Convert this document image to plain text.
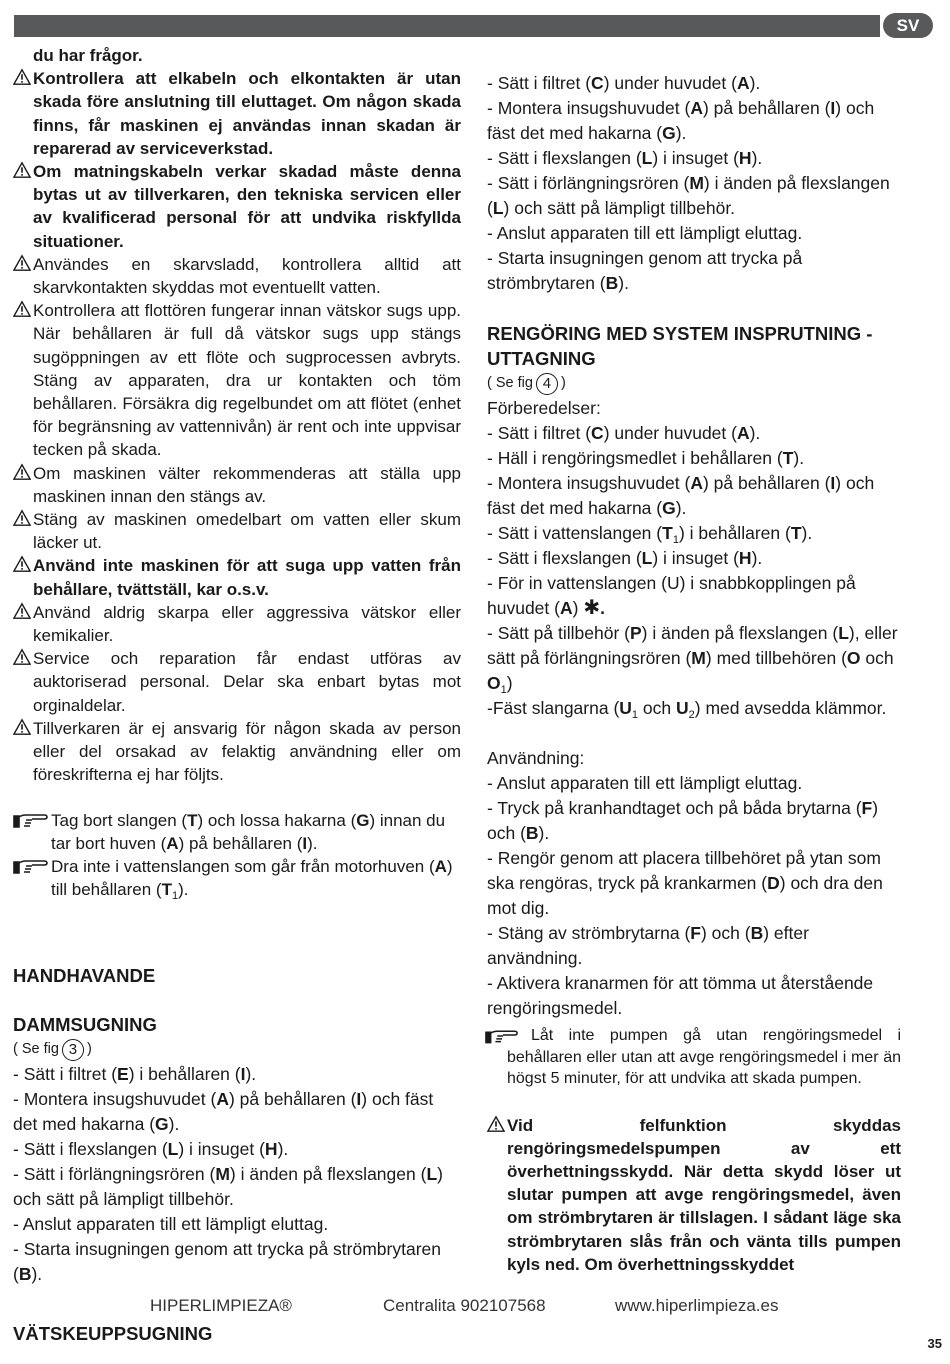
SV
du har frågor.
Kontrollera att elkabeln och elkontakten är utan skada före anslutning till eluttaget. Om någon skada finns, får maskinen ej användas innan skadan är reparerad av serviceverkstad.
Om matningskabeln verkar skadad måste denna bytas ut av tillverkaren, den tekniska servicen eller av kvalificerad personal för att undvika riskfyllda situationer.
Användes en skarvsladd, kontrollera alltid att skarvkontakten skyddas mot eventuellt vatten.
Kontrollera att flottören fungerar innan vätskor sugs upp. När behållaren är full då vätskor sugs upp stängs sugöppningen av ett flöte och sugprocessen avbryts. Stäng av apparaten, dra ur kontakten och töm behållaren. Försäkra dig regelbundet om att flötet (enhet för begränsning av vattennivån) är rent och inte uppvisar tecken på skada.
Om maskinen välter rekommenderas att ställa upp maskinen innan den stängs av.
Stäng av maskinen omedelbart om vatten eller skum läcker ut.
Använd inte maskinen för att suga upp vatten från behållare, tvättställ, kar o.s.v.
Använd aldrig skarpa eller aggressiva vätskor eller kemikalier.
Service och reparation får endast utföras av auktoriserad personal. Delar ska enbart bytas mot orginaldelar.
Tillverkaren är ej ansvarig för någon skada av person eller del orsakad av felaktig användning eller om föreskrifterna ej har följts.
Tag bort slangen (T) och lossa hakarna (G) innan du tar bort huven (A) på behållaren (I).
Dra inte i vattenslangen som går från motorhuven (A) till behållaren $(T_1)$.
HANDHAVANDE
DAMMSUGNING
( Se fig 3 )

- Sätt i filtret (E) i behållaren (I).

- Montera insugshuvudet (A) på behållaren (I) och fäst det med hakarna (G).

- Sätt i flexslangen (L) i insuget (H).

- Sätt i förlängningsrören (M) i änden på flexslangen (L) och sätt på lämpligt tillbehör.

- Anslut apparaten till ett lämpligt eluttag.

- Starta insugningen genom att trycka på strömbrytaren (B).

VÄTSKEUPPSUGNING

- Sätt i filtret (C) under huvudet (A).

- Montera insugshuvudet (A) på behållaren (I) och fäst det med hakarna (G).

- Sätt i flexslangen (L) i insuget (H).

- Sätt i förlängningsrören (M) i änden på flexslangen (L) och sätt på lämpligt tillbehör.

- Anslut apparaten till ett lämpligt eluttag.

- Starta insugningen genom att trycka på strömbrytaren (B).

RENGÖRING MED SYSTEM INSPRUTNING - UTTAGNING
( Se fig 4 )

Förberedelser:

- Sätt i filtret (C) under huvudet (A).

- Häll i rengöringsmedlet i behållaren (T).

- Montera insugshuvudet (A) på behållaren (I) och fäst det med hakarna (G).

- Sätt i vattenslangen $(T_1)$ i behållaren (T).

- Sätt i flexslangen (L) i insuget (H).

- För in vattenslangen (U) i snabbkopplingen på huvudet (A) ✱.

- Sätt på tillbehör (P) i änden på flexslangen (L), eller sätt på förlängningsrören (M) med tillbehören (O och $O_1$)

-Fäst slangarna ($U_1$ och $U_2$) med avsedda klämmor.

Användning:

- Anslut apparaten till ett lämpligt eluttag.

- Tryck på kranhandtaget och på båda brytarna (F) och (B).

- Rengör genom att placera tillbehöret på ytan som ska rengöras, tryck på krankarmen (D) och dra den mot dig.

- Stäng av strömbrytarna (F) och (B) efter användning.

- Aktivera kranarmen för att tömma ut återstående rengöringsmedel.

Låt inte pumpen gå utan rengöringsmedel i behållaren eller utan att avge rengöringsmedel i mer än högst 5 minuter, för att undvika att skada pumpen.
Vid felfunktion skyddas rengöringsmedelspumpen av ett överhettningsskydd. När detta skydd löser ut slutar pumpen att avge rengöringsmedel, även om strömbrytaren är tillslagen. I sådant läge ska strömbrytaren slås från och vänta tills pumpen kyls ned. Om överhettningsskyddet
HIPERLIMPIEZA®	Centralita 902107568	www.hiperlimpieza.es
35
